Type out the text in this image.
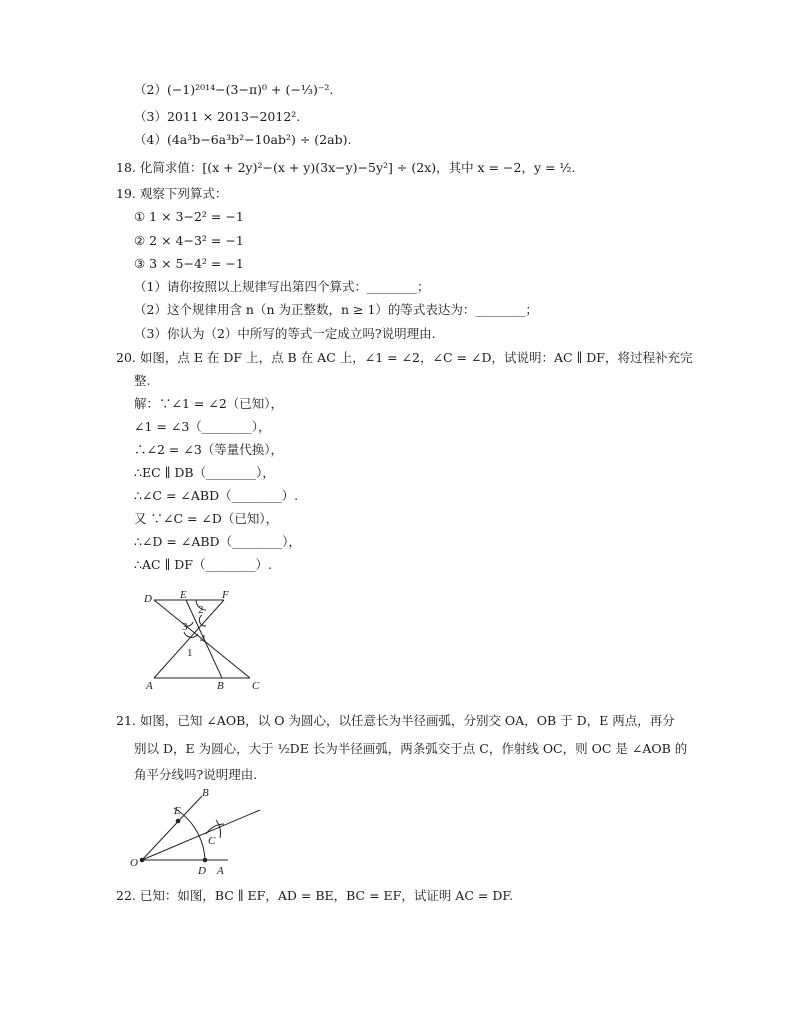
（2）(−1)²⁰¹⁴−(3−π)⁰ + (−⅓)⁻².
（3）2011 × 2013−2012².
（4）(4a³b−6a³b²−10ab²) ÷ (2ab).
18. 化简求值：[(x + 2y)²−(x + y)(3x−y)−5y²] ÷ (2x)，其中 x = −2，y = ½.
19. 观察下列算式：
① 1 × 3−2² = −1
② 2 × 4−3² = −1
③ 3 × 5−4² = −1
（1）请你按照以上规律写出第四个算式：________；
（2）这个规律用含 n（n 为正整数，n ≥ 1）的等式表达为：________；
（3）你认为（2）中所写的等式一定成立吗?说明理由.
20. 如图，点 E 在 DF 上，点 B 在 AC 上，∠1 = ∠2，∠C = ∠D，试说明：AC ∥ DF，将过程补充完
整.
解：∵∠1 = ∠2（已知），
∠1 = ∠3（________），
∴∠2 = ∠3（等量代换），
∴EC ∥ DB（________），
∴∠C = ∠ABD（________）.
又 ∵∠C = ∠D（已知），
∴∠D = ∠ABD（________），
∴AC ∥ DF（________）.
D	E	F
A	B	C
2
3
4
1
21. 如图，已知 ∠AOB，以 O 为圆心，以任意长为半径画弧，分别交 OA，OB 于 D，E 两点，再分
别以 D，E 为圆心，大于 ½DE 长为半径画弧，两条弧交于点 C，作射线 OC，则 OC 是 ∠AOB 的
角平分线吗?说明理由.
O
E
B
C
D A
22. 已知：如图，BC ∥ EF，AD = BE，BC = EF，试证明 AC = DF.
